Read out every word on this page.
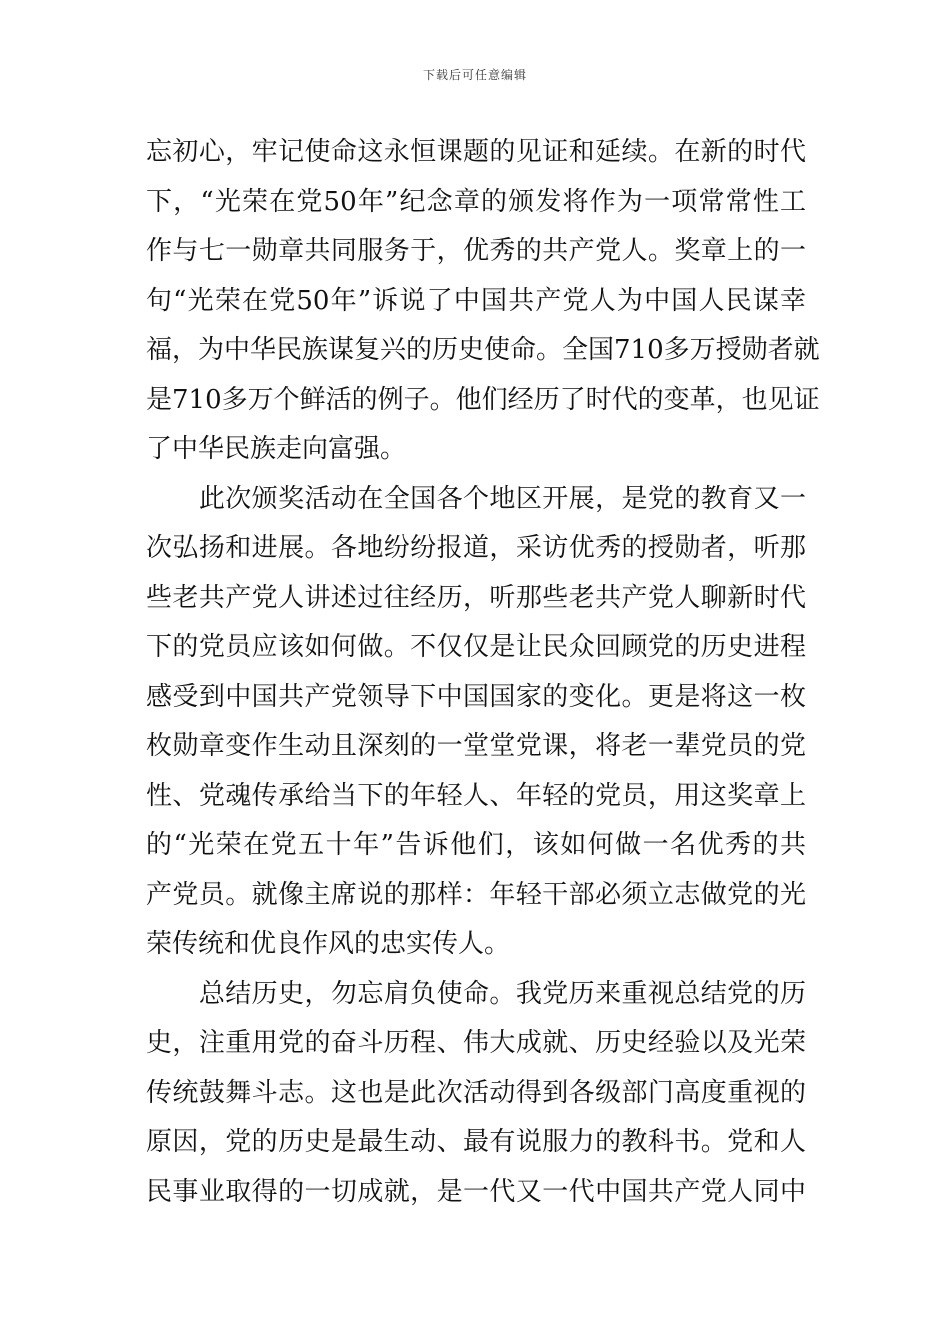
下载后可任意编辑
忘初心，牢记使命这永恒课题的见证和延续。在新的时代
下，“光荣在党50年”纪念章的颁发将作为一项常常性工
作与七一勋章共同服务于，优秀的共产党人。奖章上的一
句“光荣在党50年”诉说了中国共产党人为中国人民谋幸
福，为中华民族谋复兴的历史使命。全国710多万授勋者就
是710多万个鲜活的例子。他们经历了时代的变革，也见证
了中华民族走向富强。
　　此次颁奖活动在全国各个地区开展，是党的教育又一
次弘扬和进展。各地纷纷报道，采访优秀的授勋者，听那
些老共产党人讲述过往经历，听那些老共产党人聊新时代
下的党员应该如何做。不仅仅是让民众回顾党的历史进程
感受到中国共产党领导下中国国家的变化。更是将这一枚
枚勋章变作生动且深刻的一堂堂党课，将老一辈党员的党
性、党魂传承给当下的年轻人、年轻的党员，用这奖章上
的“光荣在党五十年”告诉他们，该如何做一名优秀的共
产党员。就像主席说的那样：年轻干部必须立志做党的光
荣传统和优良作风的忠实传人。
　　总结历史，勿忘肩负使命。我党历来重视总结党的历
史，注重用党的奋斗历程、伟大成就、历史经验以及光荣
传统鼓舞斗志。这也是此次活动得到各级部门高度重视的
原因，党的历史是最生动、最有说服力的教科书。党和人
民事业取得的一切成就，是一代又一代中国共产党人同中
